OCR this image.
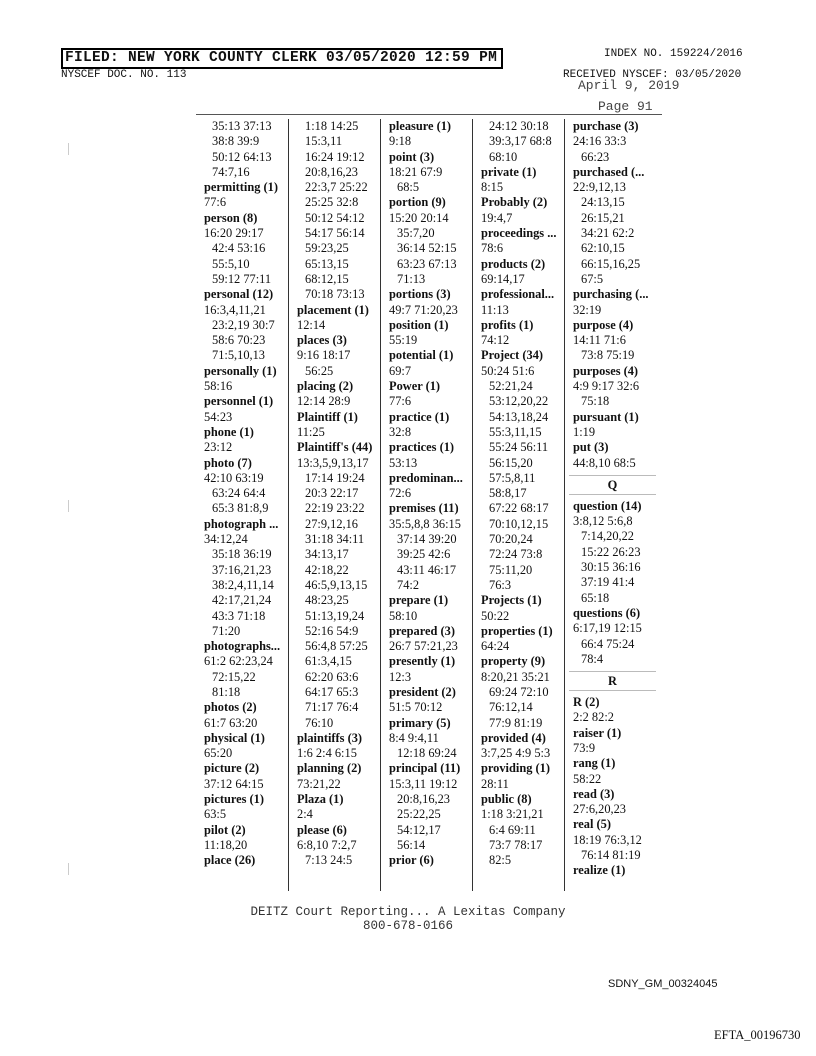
FILED: NEW YORK COUNTY CLERK 03/05/2020 12:59 PM
NYSCEF DOC. NO. 113
INDEX NO. 159224/2016
RECEIVED NYSCEF: 03/05/2020
April 9, 2019
Page 91
35:13 37:13
38:8 39:9
50:12 64:13
74:7,16
permitting (1)
77:6
person (8)
16:20 29:17
42:4 53:16
55:5,10
59:12 77:11
personal (12)
16:3,4,11,21
23:2,19 30:7
58:6 70:23
71:5,10,13
personally (1)
58:16
personnel (1)
54:23
phone (1)
23:12
photo (7)
42:10 63:19
63:24 64:4
65:3 81:8,9
photograph ...
34:12,24
35:18 36:19
37:16,21,23
38:2,4,11,14
42:17,21,24
43:3 71:18
71:20
photographs...
61:2 62:23,24
72:15,22
81:18
photos (2)
61:7 63:20
physical (1)
65:20
picture (2)
37:12 64:15
pictures (1)
63:5
pilot (2)
11:18,20
place (26)
1:18 14:25
15:3,11
16:24 19:12
20:8,16,23
22:3,7 25:22
25:25 32:8
50:12 54:12
54:17 56:14
59:23,25
65:13,15
68:12,15
70:18 73:13
placement (1)
12:14
places (3)
9:16 18:17
56:25
placing (2)
12:14 28:9
Plaintiff (1)
11:25
Plaintiff's (44)
13:3,5,9,13,17
17:14 19:24
20:3 22:17
22:19 23:22
27:9,12,16
31:18 34:11
34:13,17
42:18,22
46:5,9,13,15
48:23,25
51:13,19,24
52:16 54:9
56:4,8 57:25
61:3,4,15
62:20 63:6
64:17 65:3
71:17 76:4
76:10
plaintiffs (3)
1:6 2:4 6:15
planning (2)
73:21,22
Plaza (1)
2:4
please (6)
6:8,10 7:2,7
7:13 24:5
pleasure (1)
9:18
point (3)
18:21 67:9
68:5
portion (9)
15:20 20:14
35:7,20
36:14 52:15
63:23 67:13
71:13
portions (3)
49:7 71:20,23
position (1)
55:19
potential (1)
69:7
Power (1)
77:6
practice (1)
32:8
practices (1)
53:13
predominan...
72:6
premises (11)
35:5,8,8 36:15
37:14 39:20
39:25 42:6
43:11 46:17
74:2
prepare (1)
58:10
prepared (3)
26:7 57:21,23
presently (1)
12:3
president (2)
51:5 70:12
primary (5)
8:4 9:4,11
12:18 69:24
principal (11)
15:3,11 19:12
20:8,16,23
25:22,25
54:12,17
56:14
prior (6)
24:12 30:18
39:3,17 68:8
68:10
private (1)
8:15
Probably (2)
19:4,7
proceedings ...
78:6
products (2)
69:14,17
professional...
11:13
profits (1)
74:12
Project (34)
50:24 51:6
52:21,24
53:12,20,22
54:13,18,24
55:3,11,15
55:24 56:11
56:15,20
57:5,8,11
58:8,17
67:22 68:17
70:10,12,15
70:20,24
72:24 73:8
75:11,20
76:3
Projects (1)
50:22
properties (1)
64:24
property (9)
8:20,21 35:21
69:24 72:10
76:12,14
77:9 81:19
provided (4)
3:7,25 4:9 5:3
providing (1)
28:11
public (8)
1:18 3:21,21
6:4 69:11
73:7 78:17
82:5
purchase (3)
24:16 33:3
66:23
purchased (...
22:9,12,13
24:13,15
26:15,21
34:21 62:2
62:10,15
66:15,16,25
67:5
purchasing (...
32:19
purpose (4)
14:11 71:6
73:8 75:19
purposes (4)
4:9 9:17 32:6
75:18
pursuant (1)
1:19
put (3)
44:8,10 68:5
Q
question (14)
3:8,12 5:6,8
7:14,20,22
15:22 26:23
30:15 36:16
37:19 41:4
65:18
questions (6)
6:17,19 12:15
66:4 75:24
78:4
R
R (2)
2:2 82:2
raiser (1)
73:9
rang (1)
58:22
read (3)
27:6,20,23
real (5)
18:19 76:3,12
76:14 81:19
realize (1)
DEITZ Court Reporting... A Lexitas Company
800-678-0166
SDNY_GM_00324045
EFTA_00196730
